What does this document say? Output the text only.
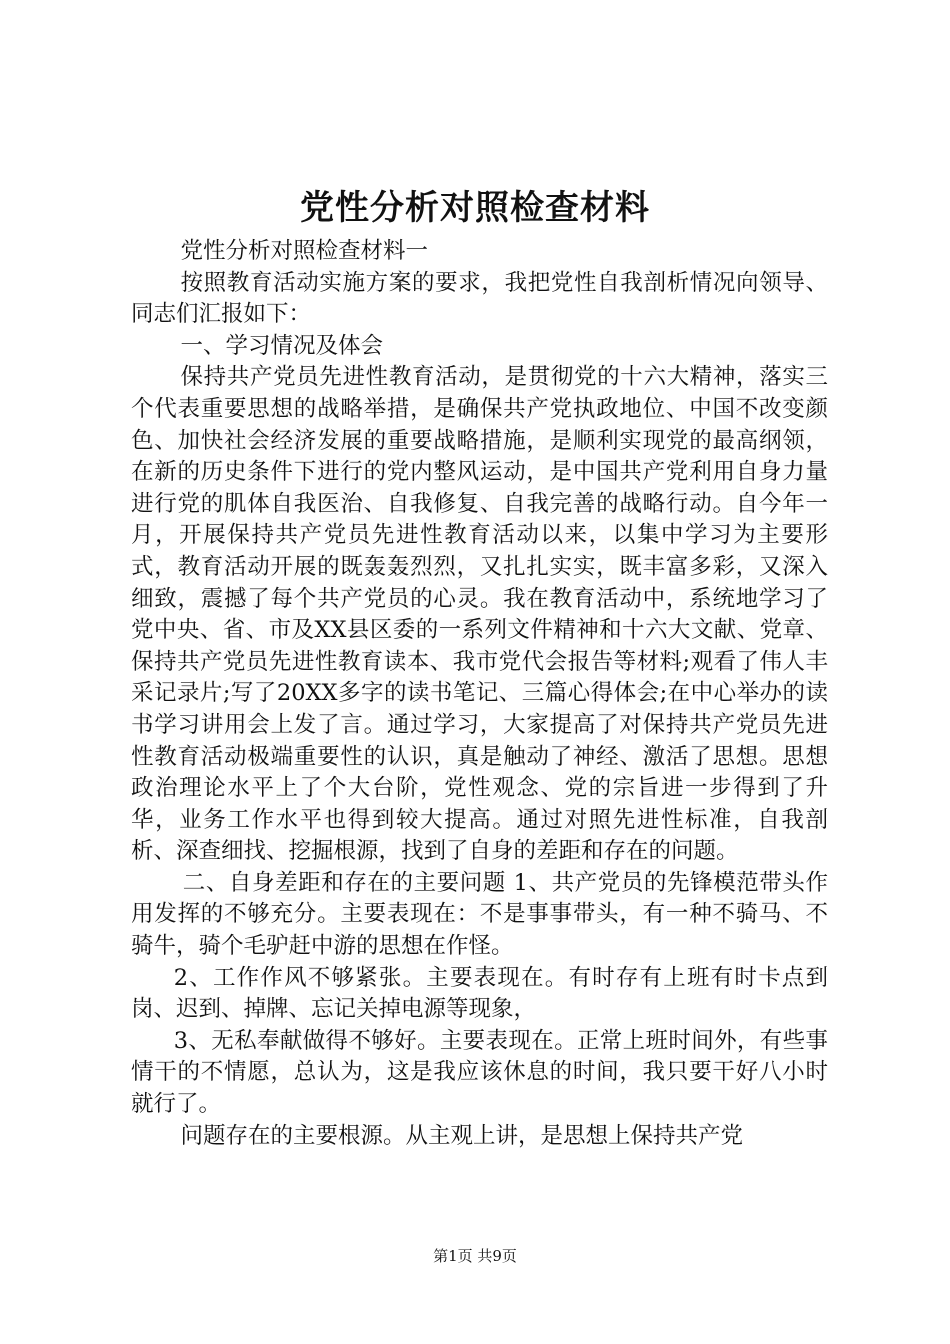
党性分析对照检查材料

党性分析对照检查材料一

按照教育活动实施方案的要求，我把党性自我剖析情况向领导、同志们汇报如下：

一、学习情况及体会

保持共产党员先进性教育活动，是贯彻党的十六大精神，落实三个代表重要思想的战略举措，是确保共产党执政地位、中国不改变颜色、加快社会经济发展的重要战略措施，是顺利实现党的最高纲领，在新的历史条件下进行的党内整风运动，是中国共产党利用自身力量进行党的肌体自我医治、自我修复、自我完善的战略行动。自今年一月，开展保持共产党员先进性教育活动以来，以集中学习为主要形式，教育活动开展的既轰轰烈烈，又扎扎实实，既丰富多彩，又深入细致，震撼了每个共产党员的心灵。我在教育活动中，系统地学习了党中央、省、市及XX县区委的一系列文件精神和十六大文献、党章、保持共产党员先进性教育读本、我市党代会报告等材料;观看了伟人丰采记录片;写了20XX多字的读书笔记、三篇心得体会;在中心举办的读书学习讲用会上发了言。通过学习，大家提高了对保持共产党员先进性教育活动极端重要性的认识，真是触动了神经、激活了思想。思想政治理论水平上了个大台阶，党性观念、党的宗旨进一步得到了升华，业务工作水平也得到较大提高。通过对照先进性标准，自我剖析、深查细找、挖掘根源，找到了自身的差距和存在的问题。

二、自身差距和存在的主要问题 1、共产党员的先锋模范带头作用发挥的不够充分。主要表现在：不是事事带头，有一种不骑马、不骑牛，骑个毛驴赶中游的思想在作怪。

2、工作作风不够紧张。主要表现在。有时存有上班有时卡点到岗、迟到、掉牌、忘记关掉电源等现象，

3、无私奉献做得不够好。主要表现在。正常上班时间外，有些事情干的不情愿，总认为，这是我应该休息的时间，我只要干好八小时就行了。

问题存在的主要根源。从主观上讲，是思想上保持共产党

第1页 共9页
